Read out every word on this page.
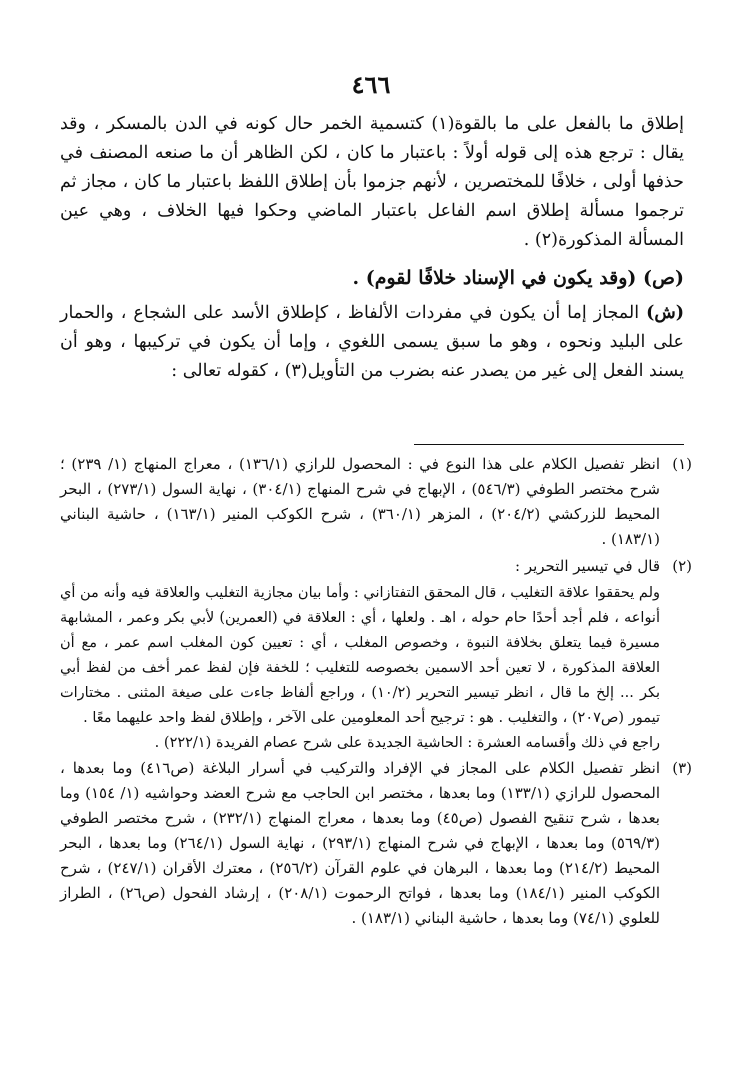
٤٦٦

إطلاق ما بالفعل على ما بالقوة(١) كتسمية الخمر حال كونه في الدن بالمسكر ، وقد يقال : ترجع هذه إلى قوله أولاً : باعتبار ما كان ، لكن الظاهر أن ما صنعه المصنف في حذفها أولى ، خلافًا للمختصرين ، لأنهم جزموا بأن إطلاق اللفظ باعتبار ما كان ، مجاز ثم ترجموا مسألة إطلاق اسم الفاعل باعتبار الماضي وحكوا فيها الخلاف ، وهي عين المسألة المذكورة(٢) .

(ص) (وقد يكون في الإسناد خلافًا لقوم) .

(ش) المجاز إما أن يكون في مفردات الألفاظ ، كإطلاق الأسد على الشجاع ، والحمار على البليد ونحوه ، وهو ما سبق يسمى اللغوي ، وإما أن يكون في تركيبها ، وهو أن يسند الفعل إلى غير من يصدر عنه بضرب من التأويل(٣) ، كقوله تعالى :

(١)

انظر تفصيل الكلام على هذا النوع في : المحصول للرازي (١٣٦/١) ، معراج المنهاج (١/ ٢٣٩) ؛ شرح مختصر الطوفي (٥٤٦/٣) ، الإبهاج في شرح المنهاج (٣٠٤/١) ، نهاية السول (٢٧٣/١) ، البحر المحيط للزركشي (٢٠٤/٢) ، المزهر (٣٦٠/١) ، شرح الكوكب المنير (١٦٣/١) ، حاشية البناني (١٨٣/١) .

(٢)

قال في تيسير التحرير :

ولم يحققوا علاقة التغليب ، قال المحقق التفتازاني : وأما بيان مجازية التغليب والعلاقة فيه وأنه من أي أنواعه ، فلم أجد أحدًا حام حوله ، اهـ . ولعلها ، أي : العلاقة في (العمرين) لأبي بكر وعمر ، المشابهة مسيرة فيما يتعلق بخلافة النبوة ، وخصوص المغلب ، أي : تعيين كون المغلب اسم عمر ، مع أن العلاقة المذكورة ، لا تعين أحد الاسمين بخصوصه للتغليب ؛ للخفة فإن لفظ عمر أخف من لفظ أبي بكر ... إلخ ما قال ، انظر تيسير التحرير (١٠/٢) ، وراجع ألفاظ جاءت على صيغة المثنى . مختارات تيمور (ص٢٠٧) ، والتغليب . هو : ترجيح أحد المعلومين على الآخر ، وإطلاق لفظ واحد عليهما معًا .

راجع في ذلك وأقسامه العشرة : الحاشية الجديدة على شرح عصام الفريدة (٢٢٢/١) .

(٣)

انظر تفصيل الكلام على المجاز في الإفراد والتركيب في أسرار البلاغة (ص٤١٦) وما بعدها ، المحصول للرازي (١٣٣/١) وما بعدها ، مختصر ابن الحاجب مع شرح العضد وحواشيه (١/ ١٥٤) وما بعدها ، شرح تنقيح الفصول (ص٤٥) وما بعدها ، معراج المنهاج (٢٣٢/١) ، شرح مختصر الطوفي (٥٦٩/٣) وما بعدها ، الإبهاج في شرح المنهاج (٢٩٣/١) ، نهاية السول (٢٦٤/١) وما بعدها ، البحر المحيط (٢١٤/٢) وما بعدها ، البرهان في علوم القرآن (٢٥٦/٢) ، معترك الأقران (٢٤٧/١) ، شرح الكوكب المنير (١٨٤/١) وما بعدها ، فواتح الرحموت (٢٠٨/١) ، إرشاد الفحول (ص٢٦) ، الطراز للعلوي (٧٤/١) وما بعدها ، حاشية البناني (١٨٣/١) .
